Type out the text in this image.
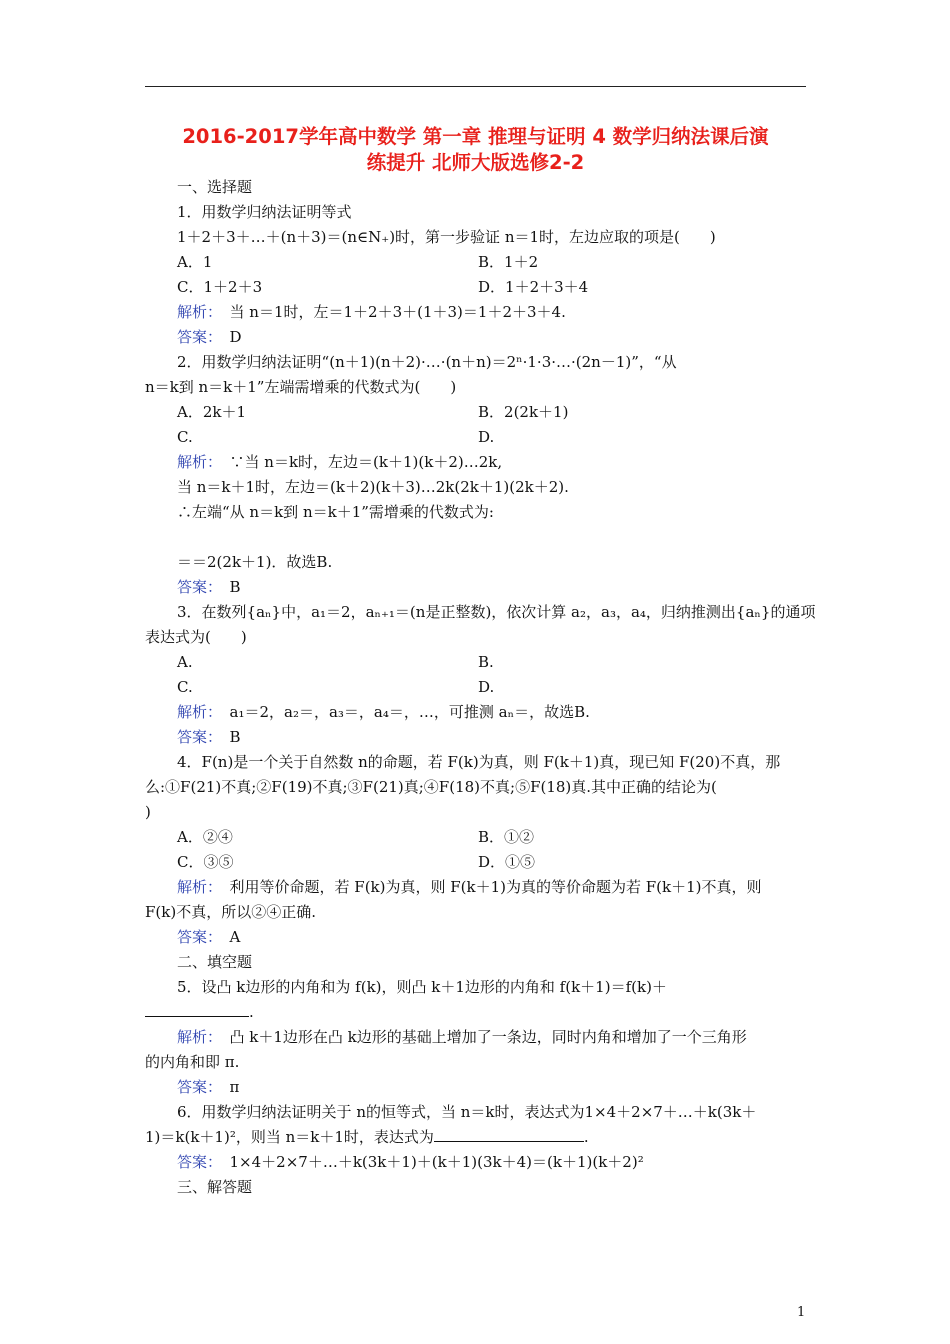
2016-2017学年高中数学 第一章 推理与证明 4 数学归纳法课后演
练提升 北师大版选修2-2
一、选择题
1．用数学归纳法证明等式
1＋2＋3＋…＋(n＋3)＝(n∈N₊)时，第一步验证 n＝1时，左边应取的项是(　　)
A．1	B．1＋2
C．1＋2＋3	D．1＋2＋3＋4
解析：　当 n＝1时，左＝1＋2＋3＋(1＋3)＝1＋2＋3＋4.
答案：　D
2．用数学归纳法证明“(n＋1)(n＋2)·…·(n＋n)＝2ⁿ·1·3·…·(2n－1)”，“从
n＝k到 n＝k＋1”左端需增乘的代数式为(　　)
A．2k＋1	B．2(2k＋1)
C.	D.
解析：　∵当 n＝k时，左边＝(k＋1)(k＋2)…2k,
当 n＝k＋1时，左边＝(k＋2)(k＋3)…2k(2k＋1)(2k＋2).
∴左端“从 n＝k到 n＝k＋1”需增乘的代数式为:
＝＝2(2k＋1)．故选B.
答案：　B
3．在数列{aₙ}中，a₁＝2，aₙ₊₁＝(n是正整数)，依次计算 a₂，a₃，a₄，归纳推测出{aₙ}的通项
表达式为(　　)
A.	B.
C.	D.
解析：　a₁＝2，a₂＝，a₃＝，a₄＝，…，可推测 aₙ＝，故选B.
答案：　B
4．F(n)是一个关于自然数 n的命题，若 F(k)为真，则 F(k＋1)真，现已知 F(20)不真，那
么:①F(21)不真;②F(19)不真;③F(21)真;④F(18)不真;⑤F(18)真.其中正确的结论为(
)
A．②④	B．①②
C．③⑤	D．①⑤
解析：　利用等价命题，若 F(k)为真，则 F(k＋1)为真的等价命题为若 F(k＋1)不真，则
F(k)不真，所以②④正确.
答案：　A
二、填空题
5．设凸 k边形的内角和为 f(k)，则凸 k＋1边形的内角和 f(k＋1)＝f(k)＋
.
解析：　凸 k＋1边形在凸 k边形的基础上增加了一条边，同时内角和增加了一个三角形
的内角和即 π.
答案：　π
6．用数学归纳法证明关于 n的恒等式，当 n＝k时，表达式为1×4＋2×7＋…＋k(3k＋
1)＝k(k＋1)²，则当 n＝k＋1时，表达式为	.
答案：　1×4＋2×7＋…＋k(3k＋1)＋(k＋1)(3k＋4)＝(k＋1)(k＋2)²
三、解答题
1
